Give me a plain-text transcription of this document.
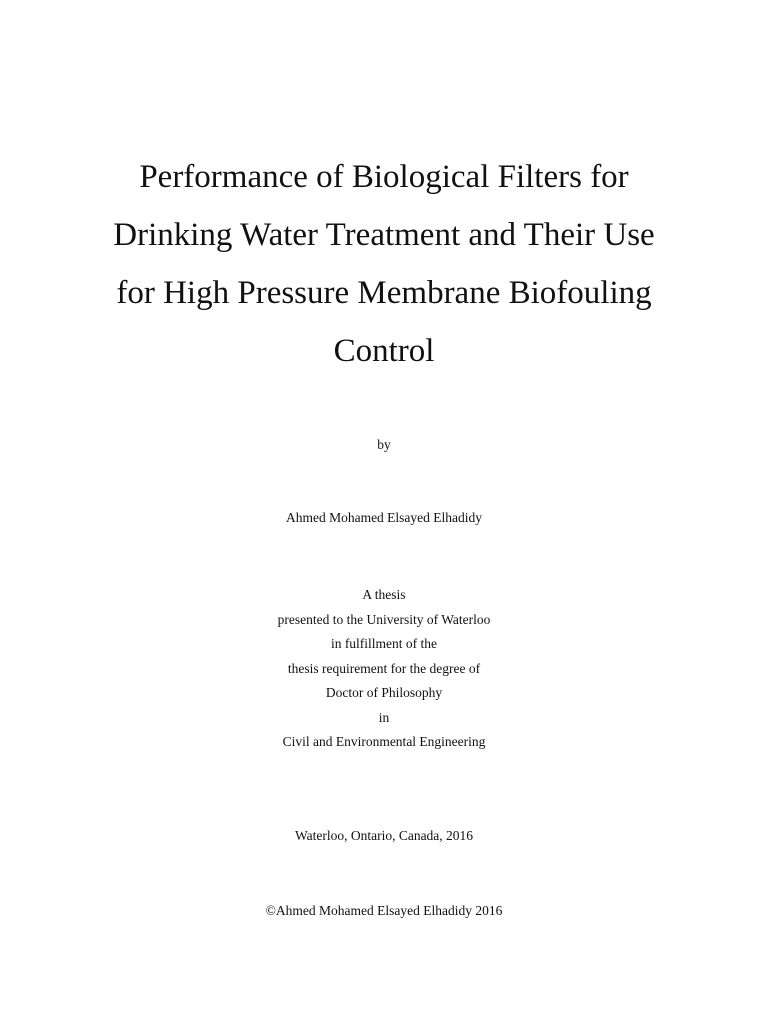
Performance of Biological Filters for
Drinking Water Treatment and Their Use
for High Pressure Membrane Biofouling
Control
by
Ahmed Mohamed Elsayed Elhadidy
A thesis
presented to the University of Waterloo
in fulfillment of the
thesis requirement for the degree of
Doctor of Philosophy
in
Civil and Environmental Engineering
Waterloo, Ontario, Canada, 2016
©Ahmed Mohamed Elsayed Elhadidy 2016
